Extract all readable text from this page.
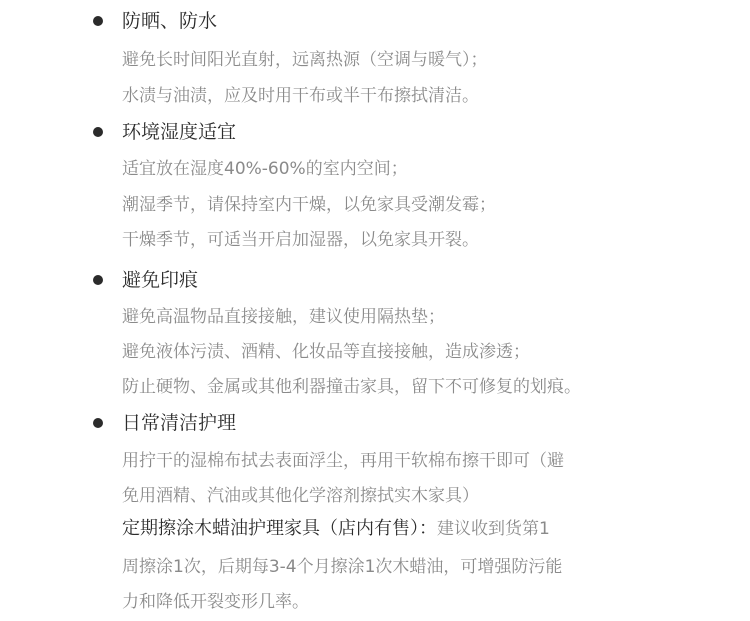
防晒、防水
避免长时间阳光直射，远离热源（空调与暖气）；
水渍与油渍，应及时用干布或半干布擦拭清洁。
环境湿度适宜
适宜放在湿度40%-60%的室内空间；
潮湿季节，请保持室内干燥，以免家具受潮发霉；
干燥季节，可适当开启加湿器，以免家具开裂。
避免印痕
避免高温物品直接接触，建议使用隔热垫；
避免液体污渍、酒精、化妆品等直接接触，造成渗透；
防止硬物、金属或其他利器撞击家具，留下不可修复的划痕。
日常清洁护理
用拧干的湿棉布拭去表面浮尘，再用干软棉布擦干即可（避
免用酒精、汽油或其他化学溶剂擦拭实木家具）
定期擦涂木蜡油护理家具（店内有售）：建议收到货第1
周擦涂1次，后期每3-4个月擦涂1次木蜡油，可增强防污能
力和降低开裂变形几率。
